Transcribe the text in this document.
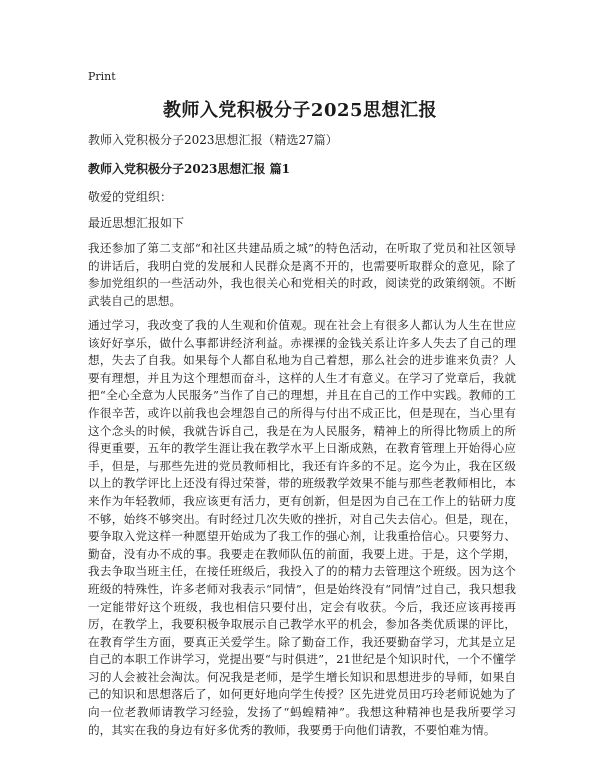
Print
教师入党积极分子2025思想汇报
教师入党积极分子2023思想汇报（精选27篇）
教师入党积极分子2023思想汇报 篇1
敬爱的党组织：
最近思想汇报如下

我还参加了第二支部“和社区共建品质之城”的特色活动，在听取了党员和社区领导的讲话后，我明白党的发展和人民群众是离不开的，也需要听取群众的意见，除了参加党组织的一些活动外，我也很关心和党相关的时政，阅读党的政策纲领。不断武装自己的思想。

通过学习，我改变了我的人生观和价值观。现在社会上有很多人都认为人生在世应该好好享乐，做什么事都讲经济利益。赤裸裸的金钱关系让许多人失去了自己的理想，失去了自我。如果每个人都自私地为自己着想，那么社会的进步谁来负责？人要有理想，并且为这个理想而奋斗，这样的人生才有意义。在学习了党章后，我就把“全心全意为人民服务”当作了自己的理想，并且在自己的工作中实践。教师的工作很辛苦，或许以前我也会埋怨自己的所得与付出不成正比，但是现在，当心里有这个念头的时候，我就告诉自己，我是在为人民服务，精神上的所得比物质上的所得更重要，五年的教学生涯让我在教学水平上日渐成熟，在教育管理上开始得心应手，但是，与那些先进的党员教师相比，我还有许多的不足。迄今为止，我在区级以上的教学评比上还没有得过荣誉，带的班级教学效果不能与那些老教师相比，本来作为年轻教师，我应该更有活力，更有创新，但是因为自己在工作上的钻研力度不够，始终不够突出。有时经过几次失败的挫折，对自己失去信心。但是，现在，要争取入党这样一种愿望开始成为了我工作的强心剂，让我重拾信心。只要努力、勤奋，没有办不成的事。我要走在教师队伍的前面，我要上进。于是，这个学期，我去争取当班主任，在接任班级后，我投入了的的精力去管理这个班级。因为这个班级的特殊性，许多老师对我表示“同情”，但是始终没有“同情”过自己，我只想我一定能带好这个班级，我也相信只要付出，定会有收获。今后，我还应该再接再厉，在教学上，我要积极争取展示自己教学水平的机会，参加各类优质课的评比，在教育学生方面，要真正关爱学生。除了勤奋工作，我还要勤奋学习，尤其是立足自己的本职工作讲学习，党提出要“与时俱进”，21世纪是个知识时代，一个不懂学习的人会被社会淘汰。何况我是老师，是学生增长知识和思想进步的导师，如果自己的知识和思想落后了，如何更好地向学生传授？区先进党员田巧玲老师说她为了向一位老教师请教学习经验，发扬了“蚂蝗精神”。我想这种精神也是我所要学习的，其实在我的身边有好多优秀的教师，我要勇于向他们请教，不要怕难为情。
